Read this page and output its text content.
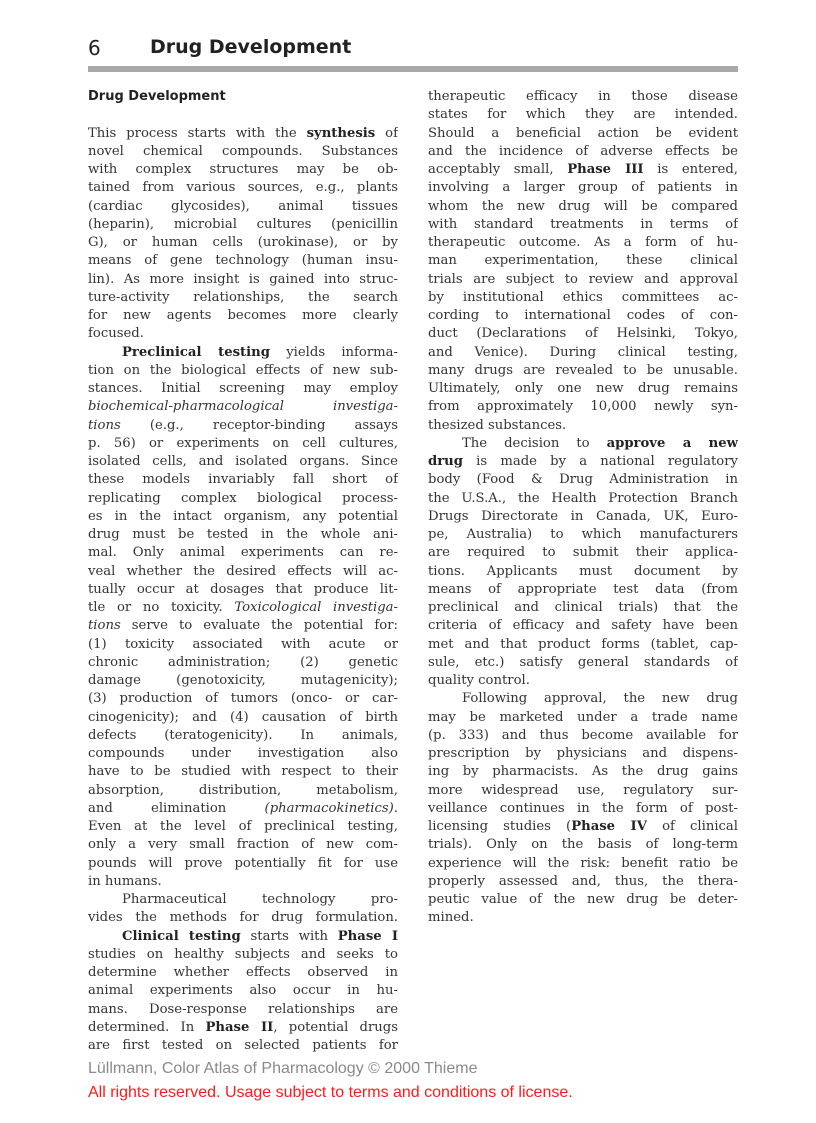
6	Drug Development
Drug Development
This process starts with the synthesis of
novel chemical compounds. Substances
with complex structures may be ob-
tained from various sources, e.g., plants
(cardiac glycosides), animal tissues
(heparin), microbial cultures (penicillin
G), or human cells (urokinase), or by
means of gene technology (human insu-
lin). As more insight is gained into struc-
ture-activity relationships, the search
for new agents becomes more clearly
focused.
Preclinical testing yields informa-
tion on the biological effects of new sub-
stances. Initial screening may employ
biochemical-pharmacological investiga-
tions (e.g., receptor-binding assays
p. 56) or experiments on cell cultures,
isolated cells, and isolated organs. Since
these models invariably fall short of
replicating complex biological process-
es in the intact organism, any potential
drug must be tested in the whole ani-
mal. Only animal experiments can re-
veal whether the desired effects will ac-
tually occur at dosages that produce lit-
tle or no toxicity. Toxicological investiga-
tions serve to evaluate the potential for:
(1) toxicity associated with acute or
chronic administration; (2) genetic
damage (genotoxicity, mutagenicity);
(3) production of tumors (onco- or car-
cinogenicity); and (4) causation of birth
defects (teratogenicity). In animals,
compounds under investigation also
have to be studied with respect to their
absorption, distribution, metabolism,
and elimination (pharmacokinetics).
Even at the level of preclinical testing,
only a very small fraction of new com-
pounds will prove potentially fit for use
in humans.
Pharmaceutical technology pro-
vides the methods for drug formulation.
Clinical testing starts with Phase I
studies on healthy subjects and seeks to
determine whether effects observed in
animal experiments also occur in hu-
mans. Dose-response relationships are
determined. In Phase II, potential drugs
are first tested on selected patients for
therapeutic efficacy in those disease
states for which they are intended.
Should a beneficial action be evident
and the incidence of adverse effects be
acceptably small, Phase III is entered,
involving a larger group of patients in
whom the new drug will be compared
with standard treatments in terms of
therapeutic outcome. As a form of hu-
man experimentation, these clinical
trials are subject to review and approval
by institutional ethics committees ac-
cording to international codes of con-
duct (Declarations of Helsinki, Tokyo,
and Venice). During clinical testing,
many drugs are revealed to be unusable.
Ultimately, only one new drug remains
from approximately 10,000 newly syn-
thesized substances.
The decision to approve a new
drug is made by a national regulatory
body (Food & Drug Administration in
the U.S.A., the Health Protection Branch
Drugs Directorate in Canada, UK, Euro-
pe, Australia) to which manufacturers
are required to submit their applica-
tions. Applicants must document by
means of appropriate test data (from
preclinical and clinical trials) that the
criteria of efficacy and safety have been
met and that product forms (tablet, cap-
sule, etc.) satisfy general standards of
quality control.
Following approval, the new drug
may be marketed under a trade name
(p. 333) and thus become available for
prescription by physicians and dispens-
ing by pharmacists. As the drug gains
more widespread use, regulatory sur-
veillance continues in the form of post-
licensing studies (Phase IV of clinical
trials). Only on the basis of long-term
experience will the risk: benefit ratio be
properly assessed and, thus, the thera-
peutic value of the new drug be deter-
mined.
Lüllmann, Color Atlas of Pharmacology © 2000 Thieme
All rights reserved. Usage subject to terms and conditions of license.
